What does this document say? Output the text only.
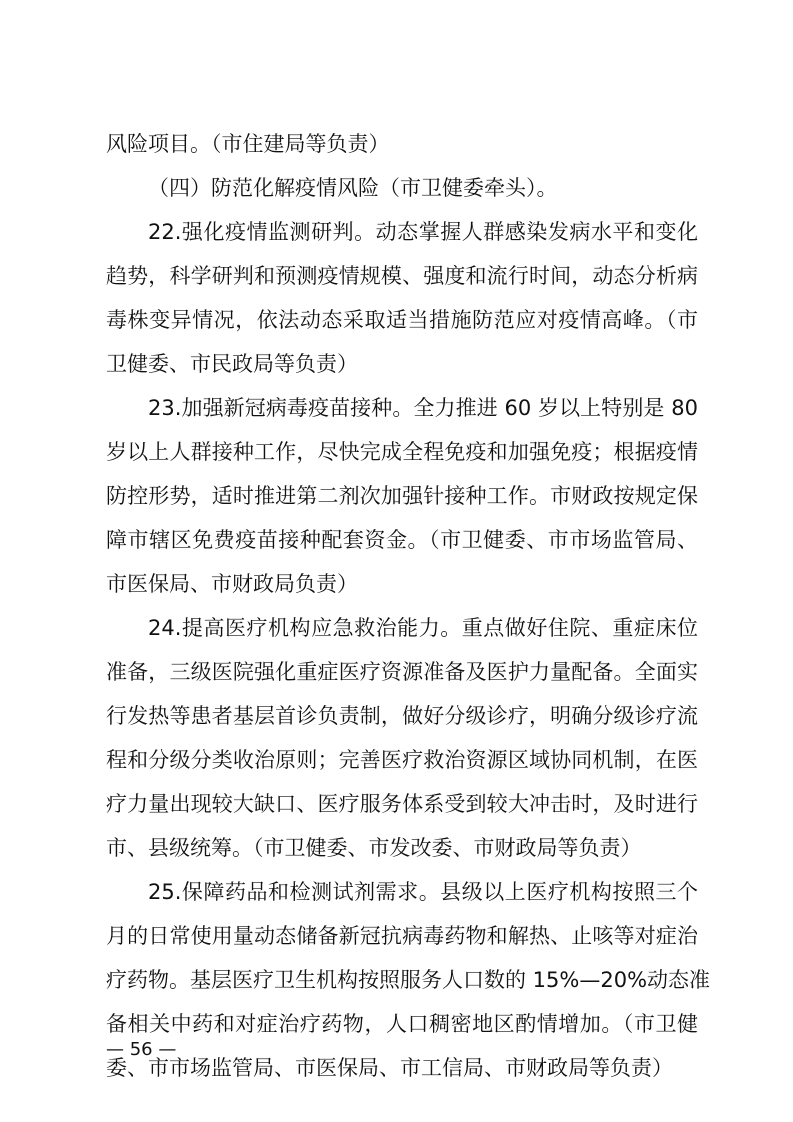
风险项目。（市住建局等负责）
（四）防范化解疫情风险（市卫健委牵头）。
22.强化疫情监测研判。动态掌握人群感染发病水平和变化
趋势，科学研判和预测疫情规模、强度和流行时间，动态分析病
毒株变异情况，依法动态采取适当措施防范应对疫情高峰。（市
卫健委、市民政局等负责）
23.加强新冠病毒疫苗接种。全力推进 60 岁以上特别是 80
岁以上人群接种工作，尽快完成全程免疫和加强免疫；根据疫情
防控形势，适时推进第二剂次加强针接种工作。市财政按规定保
障市辖区免费疫苗接种配套资金。（市卫健委、市市场监管局、
市医保局、市财政局负责）
24.提高医疗机构应急救治能力。重点做好住院、重症床位
准备，三级医院强化重症医疗资源准备及医护力量配备。全面实
行发热等患者基层首诊负责制，做好分级诊疗，明确分级诊疗流
程和分级分类收治原则；完善医疗救治资源区域协同机制，在医
疗力量出现较大缺口、医疗服务体系受到较大冲击时，及时进行
市、县级统筹。（市卫健委、市发改委、市财政局等负责）
25.保障药品和检测试剂需求。县级以上医疗机构按照三个
月的日常使用量动态储备新冠抗病毒药物和解热、止咳等对症治
疗药物。基层医疗卫生机构按照服务人口数的 15%—20%动态准
备相关中药和对症治疗药物，人口稠密地区酌情增加。（市卫健
委、市市场监管局、市医保局、市工信局、市财政局等负责）
— 56 —
